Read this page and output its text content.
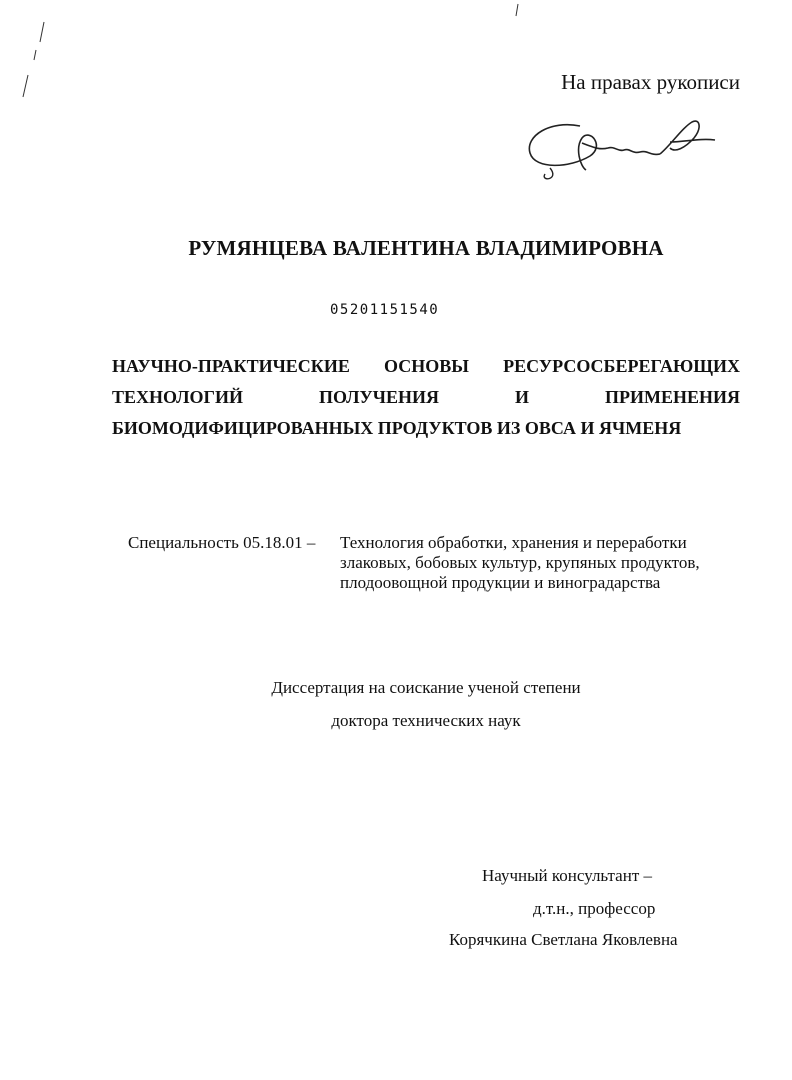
На правах рукописи
РУМЯНЦЕВА ВАЛЕНТИНА ВЛАДИМИРОВНА
05201151540
НАУЧНО-ПРАКТИЧЕСКИЕ ОСНОВЫ РЕСУРСОСБЕРЕГАЮЩИХ
ТЕХНОЛОГИЙ ПОЛУЧЕНИЯ И ПРИМЕНЕНИЯ
БИОМОДИФИЦИРОВАННЫХ ПРОДУКТОВ ИЗ ОВСА И ЯЧМЕНЯ
Специальность 05.18.01 – Технология обработки, хранения и переработки
злаковых, бобовых культур, крупяных продуктов,
плодоовощной продукции и виноградарства
Диссертация на соискание ученой степени
доктора технических наук
Научный консультант –
д.т.н., профессор
Корячкина Светлана Яковлевна
